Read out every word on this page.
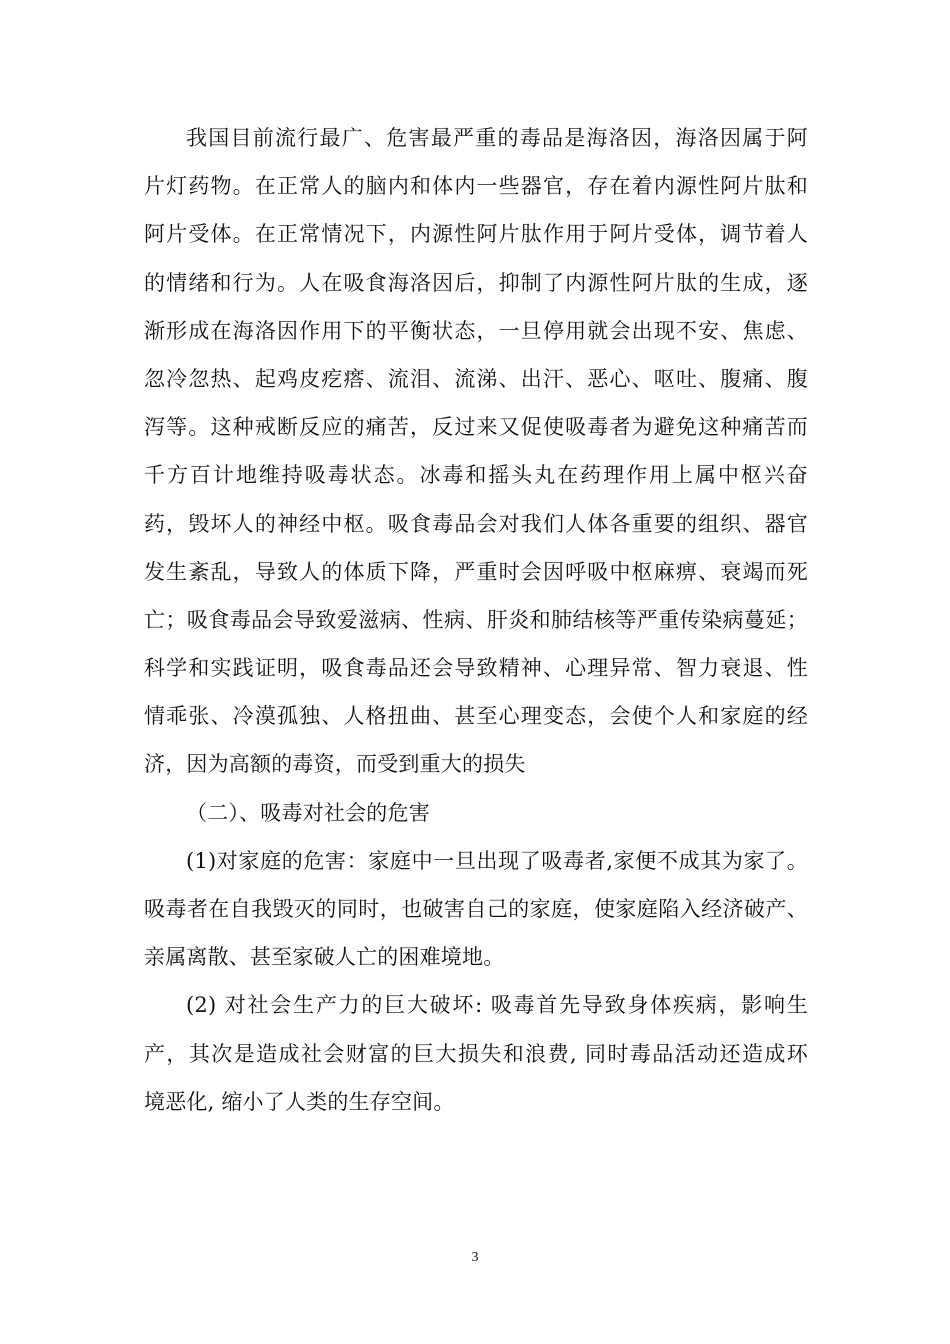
我国目前流行最广、危害最严重的毒品是海洛因，海洛因属于阿
片灯药物。在正常人的脑内和体内一些器官，存在着内源性阿片肽和
阿片受体。在正常情况下，内源性阿片肽作用于阿片受体，调节着人
的情绪和行为。人在吸食海洛因后，抑制了内源性阿片肽的生成，逐
渐形成在海洛因作用下的平衡状态，一旦停用就会出现不安、焦虑、
忽冷忽热、起鸡皮疙瘩、流泪、流涕、出汗、恶心、呕吐、腹痛、腹
泻等。这种戒断反应的痛苦，反过来又促使吸毒者为避免这种痛苦而
千方百计地维持吸毒状态。冰毒和摇头丸在药理作用上属中枢兴奋
药，毁坏人的神经中枢。吸食毒品会对我们人体各重要的组织、器官
发生紊乱，导致人的体质下降，严重时会因呼吸中枢麻痹、衰竭而死
亡；吸食毒品会导致爱滋病、性病、肝炎和肺结核等严重传染病蔓延；
科学和实践证明，吸食毒品还会导致精神、心理异常、智力衰退、性
情乖张、冷漠孤独、人格扭曲、甚至心理变态，会使个人和家庭的经
济，因为高额的毒资，而受到重大的损失
（二）、吸毒对社会的危害
(1)对家庭的危害：家庭中一旦出现了吸毒者,家便不成其为家了。
吸毒者在自我毁灭的同时，也破害自己的家庭，使家庭陷入经济破产、
亲属离散、甚至家破人亡的困难境地。
(2) 对社会生产力的巨大破坏: 吸毒首先导致身体疾病，影响生
产，其次是造成社会财富的巨大损失和浪费, 同时毒品活动还造成环
境恶化, 缩小了人类的生存空间。
3
